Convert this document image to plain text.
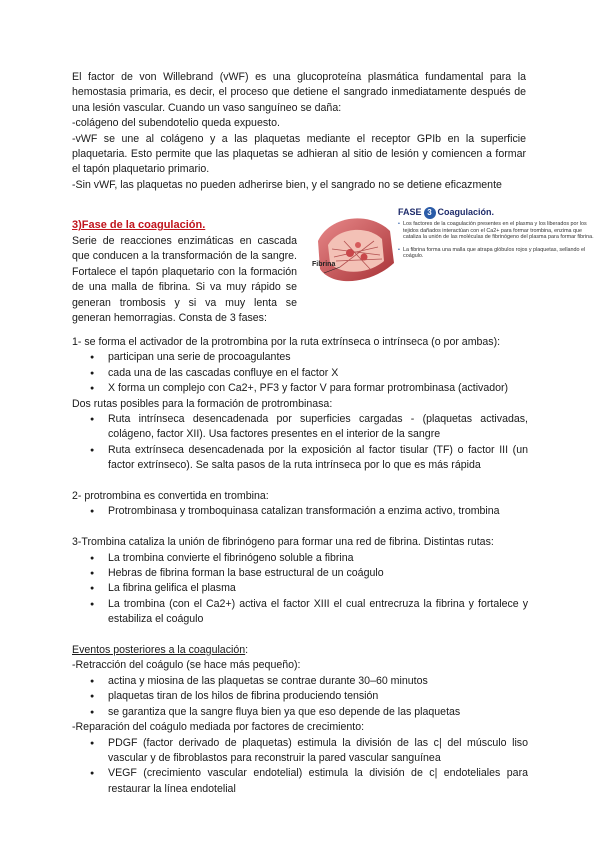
El factor de von Willebrand (vWF) es una glucoproteína plasmática fundamental para la hemostasia primaria, es decir, el proceso que detiene el sangrado inmediatamente después de una lesión vascular. Cuando un vaso sanguíneo se daña:

-colágeno del subendotelio queda expuesto.

-vWF se une al colágeno y a las plaquetas mediante el receptor GPIb en la superficie plaquetaria. Esto permite que las plaquetas se adhieran al sitio de lesión y comiencen a formar el tapón plaquetario primario.

-Sin vWF, las plaquetas no pueden adherirse bien, y el sangrado no se detiene eficazmente

3)Fase de la coagulación.

Serie de reacciones enzimáticas en cascada que conducen a la transformación de la sangre. Fortalece el tapón plaquetario con la formación de una malla de fibrina. Si va muy rápido se generan trombosis y si va muy lenta se generan hemorragias. Consta de 3 fases:

Fibrina
FASE 3 Coagulación.
• Los factores de la coagulación presentes en el plasma y los liberados por los tejidos dañados interactúan con el Ca2+ para formar trombina, enzima que cataliza la unión de las moléculas de fibrinógeno del plasma para formar fibrina.
• La fibrina forma una malla que atrapa glóbulos rojos y plaquetas, sellando el coágulo.

1- se forma el activador de la protrombina por la ruta extrínseca o intrínseca (o por ambas):

● participan una serie de procoagulantes
● cada una de las cascadas confluye en el factor X
● X forma un complejo con Ca2+, PF3 y factor V para formar protrombinasa (activador)

Dos rutas posibles para la formación de protrombinasa:

● Ruta intrínseca desencadenada por superficies cargadas - (plaquetas activadas, colágeno, factor XII). Usa factores presentes en el interior de la sangre
● Ruta extrínseca desencadenada por la exposición al factor tisular (TF) o factor III (un factor extrínseco). Se salta pasos de la ruta intrínseca por lo que es más rápida

2- protrombina es convertida en trombina:

● Protrombinasa y tromboquinasa catalizan transformación a enzima activo, trombina

3-Trombina cataliza la unión de fibrinógeno para formar una red de fibrina. Distintas rutas:

● La trombina convierte el fibrinógeno soluble a fibrina
● Hebras de fibrina forman la base estructural de un coágulo
● La fibrina gelifica el plasma
● La trombina (con el Ca2+) activa el factor XIII el cual entrecruza la fibrina y fortalece y estabiliza el coágulo

Eventos posteriores a la coagulación:

-Retracción del coágulo (se hace más pequeño):

● actina y miosina de las plaquetas se contrae durante 30–60 minutos
● plaquetas tiran de los hilos de fibrina produciendo tensión
● se garantiza que la sangre fluya bien ya que eso depende de las plaquetas

-Reparación del coágulo mediada por factores de crecimiento:

● PDGF (factor derivado de plaquetas) estimula la división de las c| del músculo liso vascular y de fibroblastos para reconstruir la pared vascular sanguínea
● VEGF (crecimiento vascular endotelial) estimula la división de c| endoteliales para restaurar la línea endotelial
